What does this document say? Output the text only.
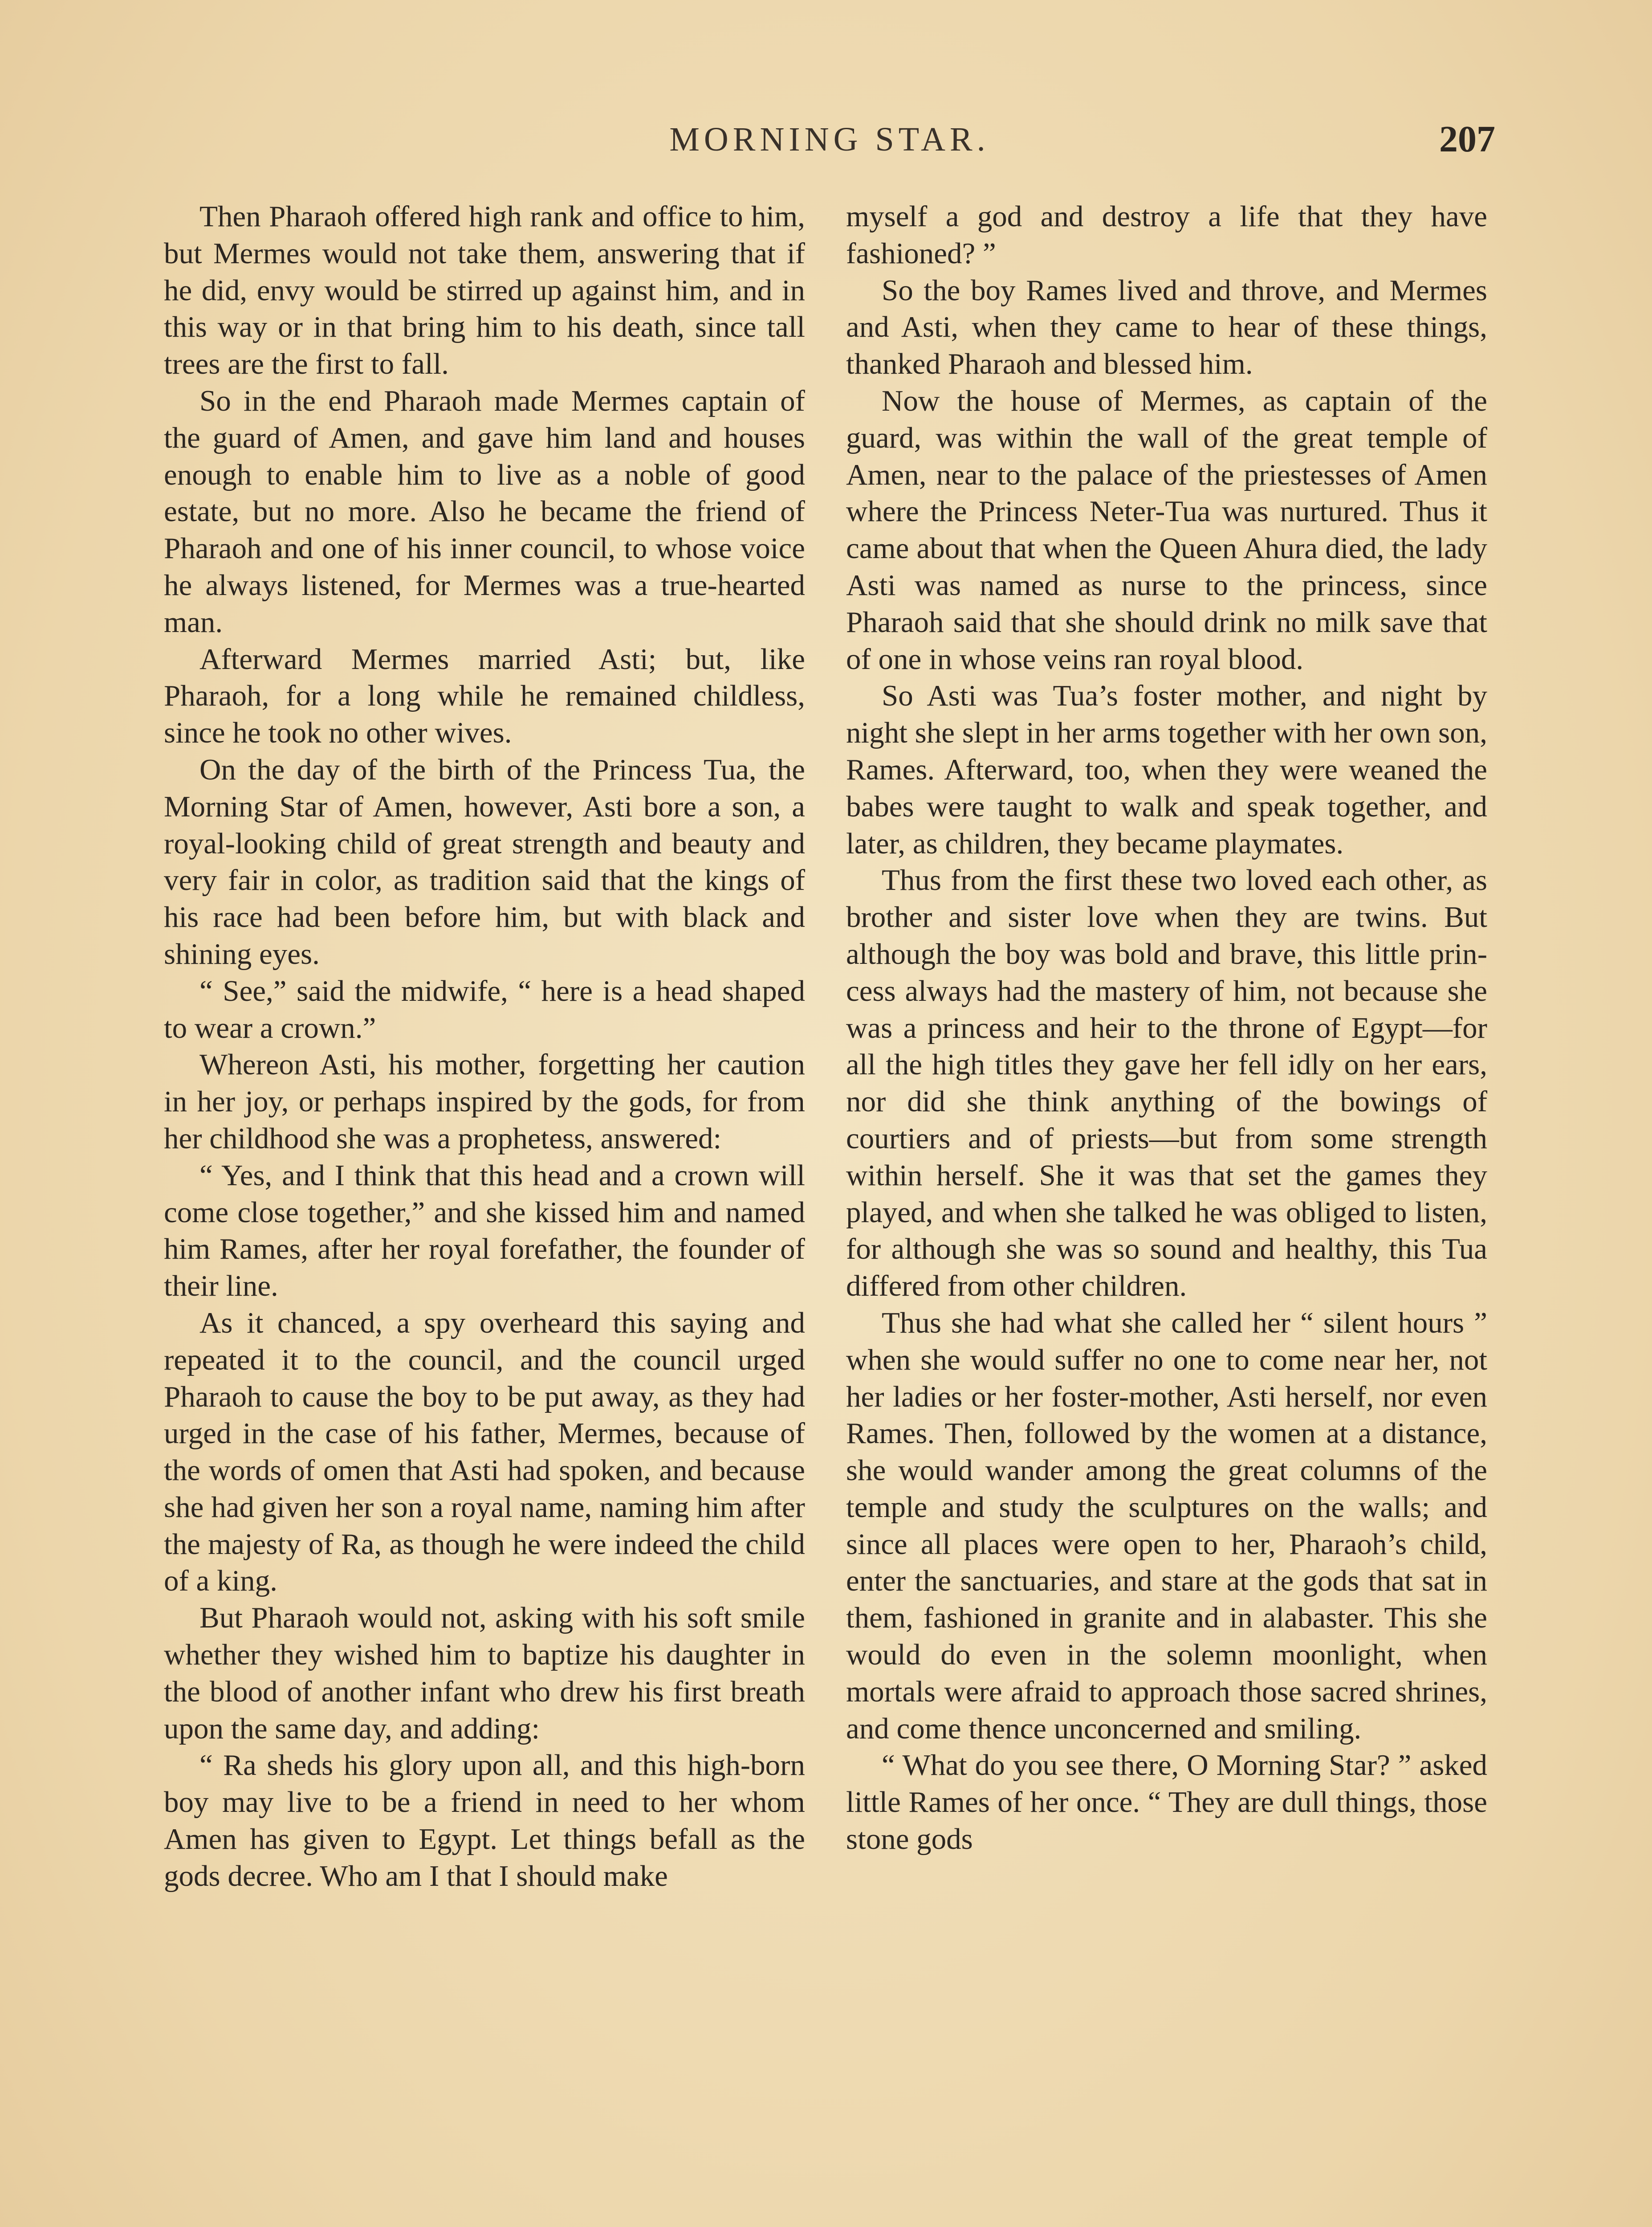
MORNING STAR.	207

Then Pharaoh offered high rank and office to him, but Mermes would not take them, answering that if he did, envy would be stirred up against him, and in this way or in that bring him to his death, since tall trees are the first to fall.

So in the end Pharaoh made Mermes captain of the guard of Amen, and gave him land and houses enough to enable him to live as a noble of good estate, but no more. Also he became the friend of Pharaoh and one of his inner council, to whose voice he always listened, for Mermes was a true-hearted man.

Afterward Mermes married Asti; but, like Pharaoh, for a long while he remained childless, since he took no other wives.

On the day of the birth of the Princess Tua, the Morning Star of Amen, however, Asti bore a son, a royal-looking child of great strength and beauty and very fair in color, as tradition said that the kings of his race had been before him, but with black and shining eyes.

“ See,” said the midwife, “ here is a head shaped to wear a crown.”

Whereon Asti, his mother, forgetting her caution in her joy, or perhaps inspired by the gods, for from her childhood she was a prophetess, answered:

“ Yes, and I think that this head and a crown will come close together,” and she kissed him and named him Rames, after her royal forefather, the founder of their line.

As it chanced, a spy overheard this saying and repeated it to the council, and the council urged Pharaoh to cause the boy to be put away, as they had urged in the case of his father, Mermes, because of the words of omen that Asti had spoken, and because she had given her son a royal name, naming him after the majesty of Ra, as though he were indeed the child of a king.

But Pharaoh would not, asking with his soft smile whether they wished him to baptize his daughter in the blood of another infant who drew his first breath upon the same day, and adding:

“ Ra sheds his glory upon all, and this high-born boy may live to be a friend in need to her whom Amen has given to Egypt. Let things befall as the gods decree. Who am I that I should make

myself a god and destroy a life that they have fashioned? ”

So the boy Rames lived and throve, and Mermes and Asti, when they came to hear of these things, thanked Pharaoh and blessed him.

Now the house of Mermes, as captain of the guard, was within the wall of the great temple of Amen, near to the palace of the priestesses of Amen where the Princess Neter-Tua was nurtured. Thus it came about that when the Queen Ahura died, the lady Asti was named as nurse to the princess, since Pharaoh said that she should drink no milk save that of one in whose veins ran royal blood.

So Asti was Tua’s foster mother, and night by night she slept in her arms together with her own son, Rames. Afterward, too, when they were weaned the babes were taught to walk and speak together, and later, as children, they became playmates.

Thus from the first these two loved each other, as brother and sister love when they are twins. But although the boy was bold and brave, this little princess always had the mastery of him, not because she was a princess and heir to the throne of Egypt—for all the high titles they gave her fell idly on her ears, nor did she think anything of the bowings of courtiers and of priests—but from some strength within herself. She it was that set the games they played, and when she talked he was obliged to listen, for although she was so sound and healthy, this Tua differed from other children.

Thus she had what she called her “ silent hours ” when she would suffer no one to come near her, not her ladies or her foster-mother, Asti herself, nor even Rames. Then, followed by the women at a distance, she would wander among the great columns of the temple and study the sculptures on the walls; and since all places were open to her, Pharaoh’s child, enter the sanctuaries, and stare at the gods that sat in them, fashioned in granite and in alabaster. This she would do even in the solemn moonlight, when mortals were afraid to approach those sacred shrines, and come thence unconcerned and smiling.

“ What do you see there, O Morning Star? ” asked little Rames of her once. “ They are dull things, those stone gods
